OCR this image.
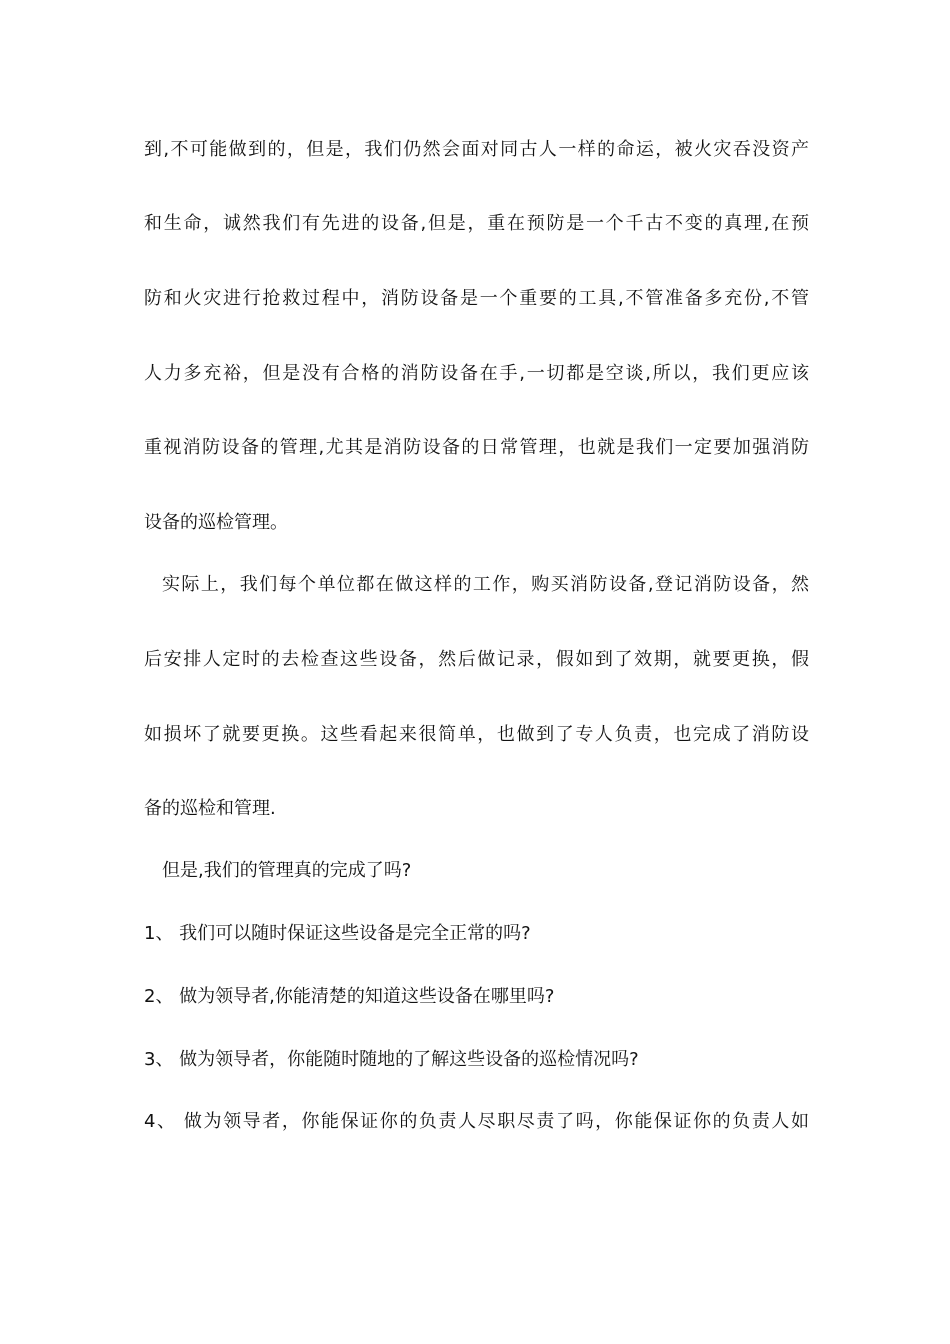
到,不可能做到的，但是，我们仍然会面对同古人一样的命运，被火灾吞没资产
和生命，诚然我们有先进的设备,但是，重在预防是一个千古不变的真理,在预
防和火灾进行抢救过程中，消防设备是一个重要的工具,不管准备多充份,不管
人力多充裕，但是没有合格的消防设备在手,一切都是空谈,所以，我们更应该
重视消防设备的管理,尤其是消防设备的日常管理，也就是我们一定要加强消防
设备的巡检管理。
实际上，我们每个单位都在做这样的工作，购买消防设备,登记消防设备，然
后安排人定时的去检查这些设备，然后做记录，假如到了效期，就要更换，假
如损坏了就要更换。这些看起来很简单，也做到了专人负责，也完成了消防设
备的巡检和管理.
但是,我们的管理真的完成了吗?
1、 我们可以随时保证这些设备是完全正常的吗?
2、 做为领导者,你能清楚的知道这些设备在哪里吗?
3、 做为领导者，你能随时随地的了解这些设备的巡检情况吗?
4、 做为领导者，你能保证你的负责人尽职尽责了吗，你能保证你的负责人如
